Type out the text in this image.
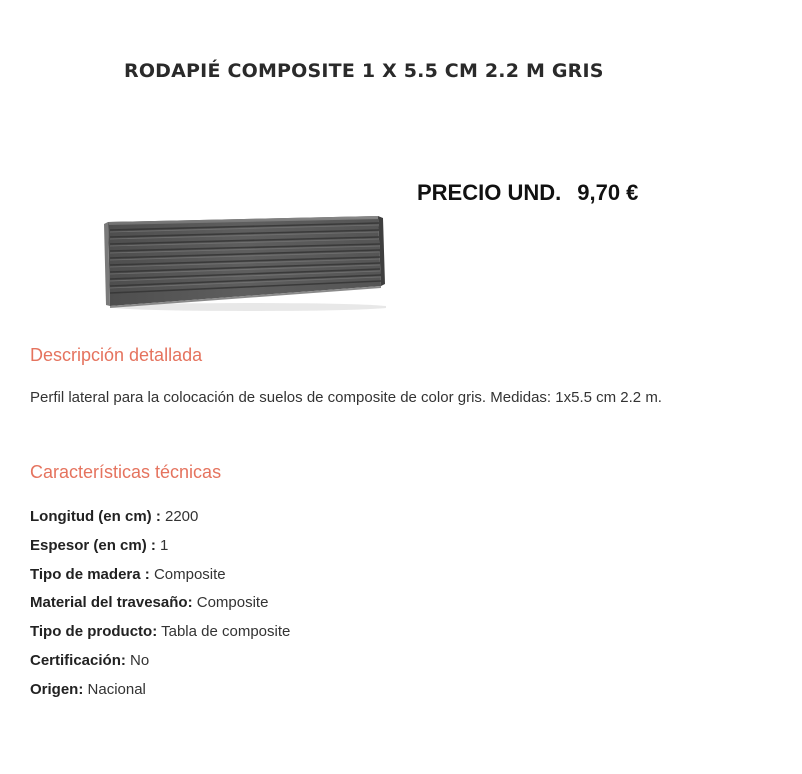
RODAPIÉ COMPOSITE 1 X 5.5 CM 2.2 M GRIS
PRECIO UND. 9,70 €
Descripción detallada
Perfil lateral para la colocación de suelos de composite de color gris. Medidas: 1x5.5 cm 2.2 m.
Características técnicas
Longitud (en cm) : 2200
Espesor (en cm) : 1
Tipo de madera : Composite
Material del travesaño: Composite
Tipo de producto: Tabla de composite
Certificación: No
Origen: Nacional
